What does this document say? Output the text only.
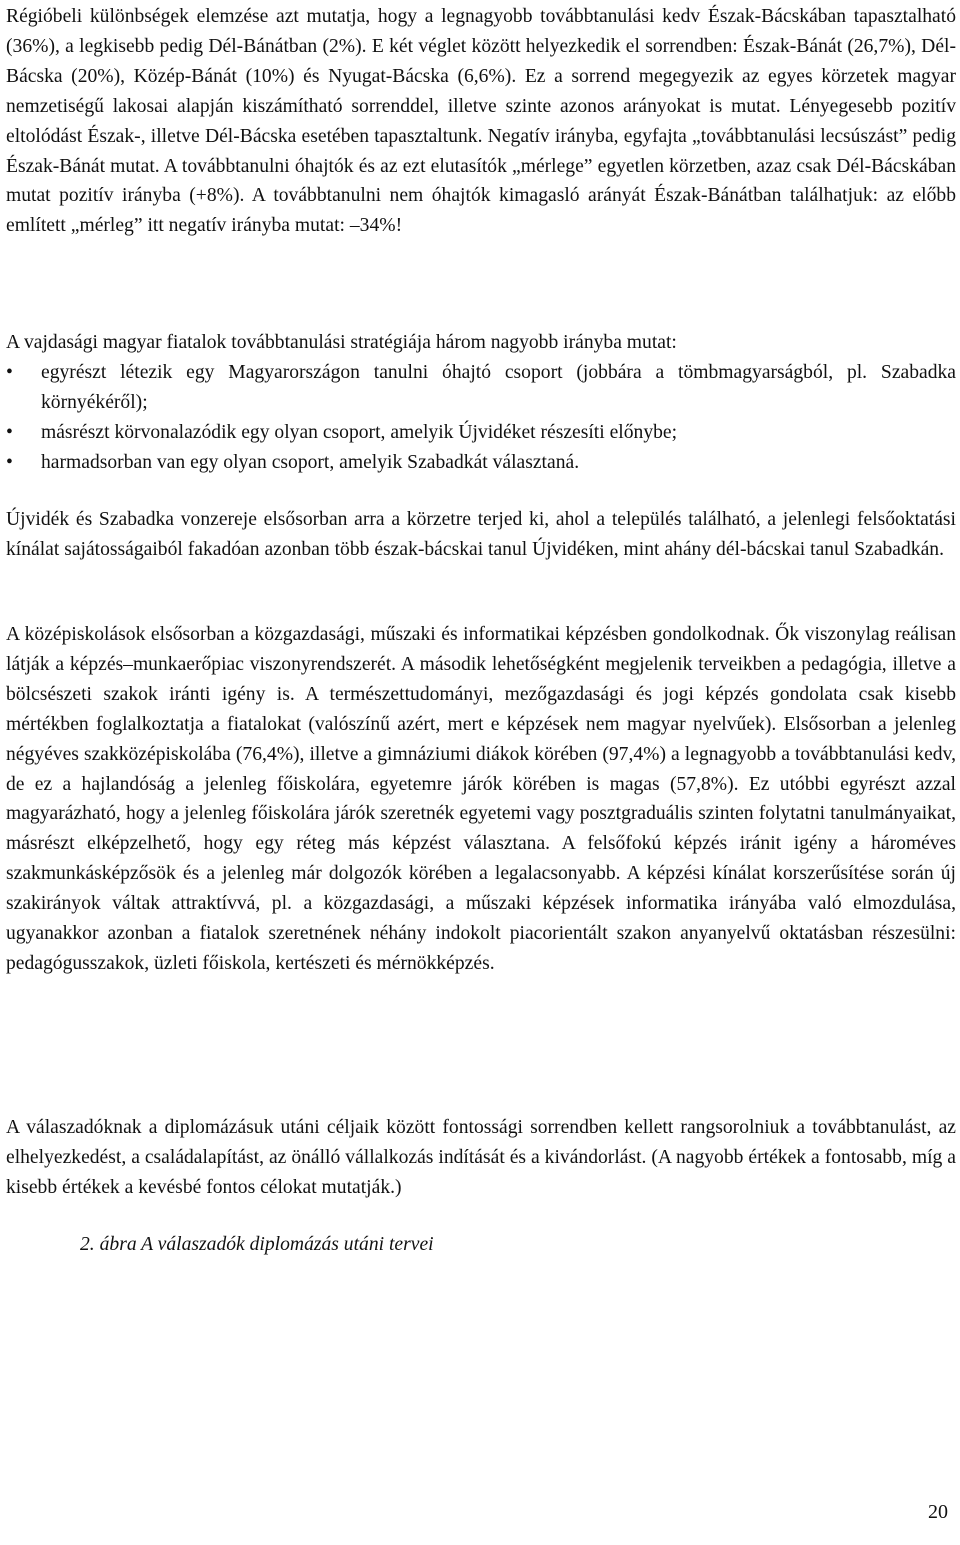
Régióbeli különbségek elemzése azt mutatja, hogy a legnagyobb továbbtanulási kedv Észak-Bácskában tapasztalható (36%), a legkisebb pedig Dél-Bánátban (2%). E két véglet között helyezkedik el sorrendben: Észak-Bánát (26,7%), Dél-Bácska (20%), Közép-Bánát (10%) és Nyugat-Bácska (6,6%). Ez a sorrend megegyezik az egyes körzetek magyar nemzetiségű lakosai alapján kiszámítható sorrenddel, illetve szinte azonos arányokat is mutat. Lényegesebb pozitív eltolódást Észak-, illetve Dél-Bácska esetében tapasztaltunk. Negatív irányba, egyfajta „továbbtanulási lecsúszást” pedig Észak-Bánát mutat. A továbbtanulni óhajtók és az ezt elutasítók „mérlege” egyetlen körzetben, azaz csak Dél-Bácskában mutat pozitív irányba (+8%). A továbbtanulni nem óhajtók kimagasló arányát Észak-Bánátban találhatjuk: az előbb említett „mérleg” itt negatív irányba mutat: –34%!

A vajdasági magyar fiatalok továbbtanulási stratégiája három nagyobb irányba mutat:

•	egyrészt létezik egy Magyarországon tanulni óhajtó csoport (jobbára a tömbmagyarságból, pl. Szabadka környékéről);
•	másrészt körvonalazódik egy olyan csoport, amelyik Újvidéket részesíti előnybe;
•	harmadsorban van egy olyan csoport, amelyik Szabadkát választaná.

Újvidék és Szabadka vonzereje elsősorban arra a körzetre terjed ki, ahol a település található, a jelenlegi felsőoktatási kínálat sajátosságaiból fakadóan azonban több észak-bácskai tanul Újvidéken, mint ahány dél-bácskai tanul Szabadkán.

A középiskolások elsősorban a közgazdasági, műszaki és informatikai képzésben gondolkodnak. Ők viszonylag reálisan látják a képzés–munkaerőpiac viszonyrendszerét. A második lehetőségként megjelenik terveikben a pedagógia, illetve a bölcsészeti szakok iránti igény is. A természettudományi, mezőgazdasági és jogi képzés gondolata csak kisebb mértékben foglalkoztatja a fiatalokat (valószínű azért, mert e képzések nem magyar nyelvűek). Elsősorban a jelenleg négyéves szakközépiskolába (76,4%), illetve a gimnáziumi diákok körében (97,4%) a legnagyobb a továbbtanulási kedv, de ez a hajlandóság a jelenleg főiskolára, egyetemre járók körében is magas (57,8%). Ez utóbbi egyrészt azzal magyarázható, hogy a jelenleg főiskolára járók szeretnék egyetemi vagy posztgraduális szinten folytatni tanulmányaikat, másrészt elképzelhető, hogy egy réteg más képzést választana. A felsőfokú képzés iránit igény a hároméves szakmunkásképzősök és a jelenleg már dolgozók körében a legalacsonyabb. A képzési kínálat korszerűsítése során új szakirányok váltak attraktívvá, pl. a közgazdasági, a műszaki képzések informatika irányába való elmozdulása, ugyanakkor azonban a fiatalok szeretnének néhány indokolt piacorientált szakon anyanyelvű oktatásban részesülni: pedagógusszakok, üzleti főiskola, kertészeti és mérnökképzés.

A válaszadóknak a diplomázásuk utáni céljaik között fontossági sorrendben kellett rangsorolniuk a továbbtanulást, az elhelyezkedést, a családalapítást, az önálló vállalkozás indítását és a kivándorlást. (A nagyobb értékek a fontosabb, míg a kisebb értékek a kevésbé fontos célokat mutatják.)

2. ábra A válaszadók diplomázás utáni tervei

20
